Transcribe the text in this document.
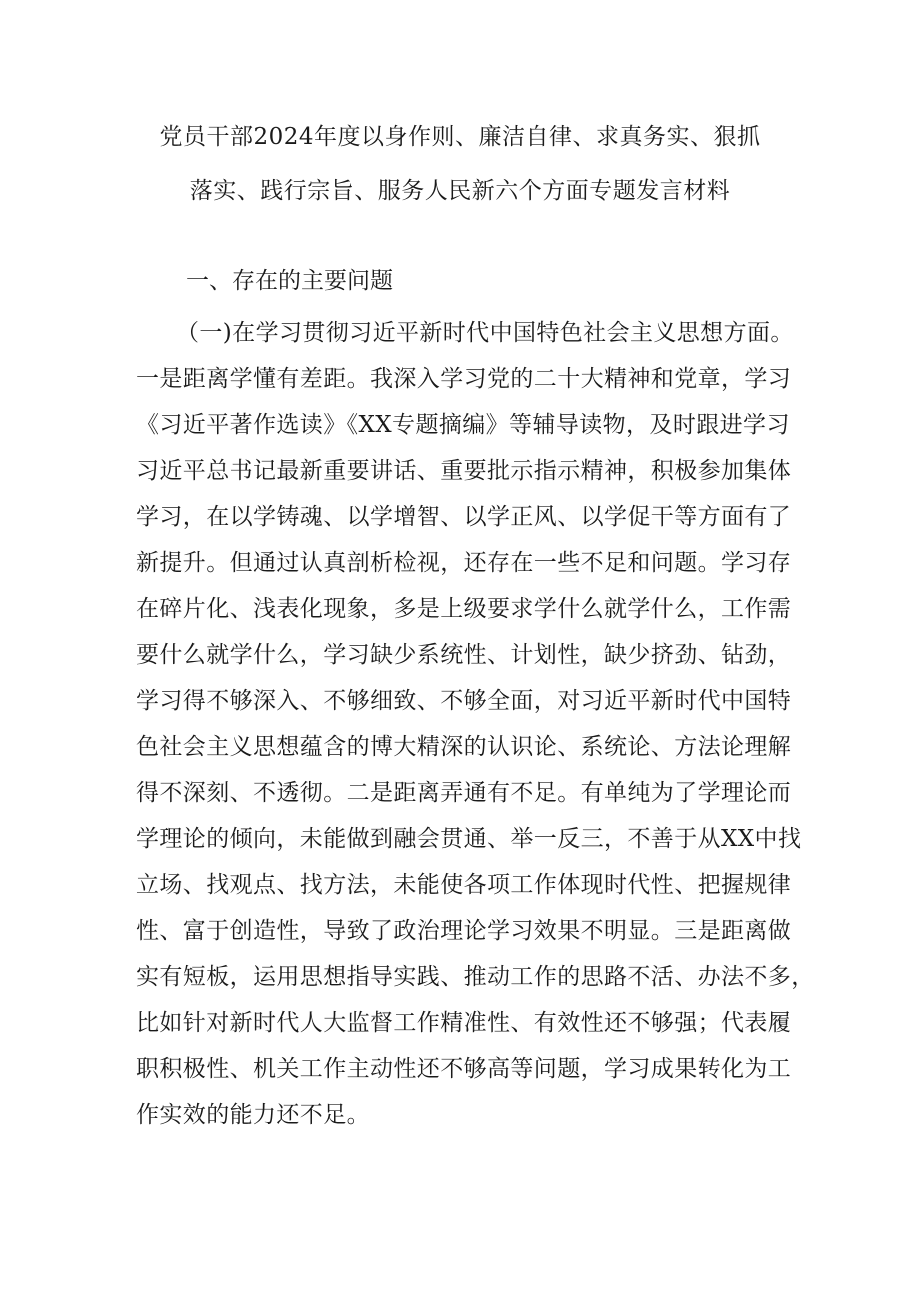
党员干部2024年度以身作则、廉洁自律、求真务实、狠抓
落实、践行宗旨、服务人民新六个方面专题发言材料
一、存在的主要问题
（一)在学习贯彻习近平新时代中国特色社会主义思想方面。
一是距离学懂有差距。我深入学习党的二十大精神和党章，学习
《习近平著作选读》《XX专题摘编》等辅导读物，及时跟进学习
习近平总书记最新重要讲话、重要批示指示精神，积极参加集体
学习，在以学铸魂、以学增智、以学正风、以学促干等方面有了
新提升。但通过认真剖析检视，还存在一些不足和问题。学习存
在碎片化、浅表化现象，多是上级要求学什么就学什么，工作需
要什么就学什么，学习缺少系统性、计划性，缺少挤劲、钻劲，
学习得不够深入、不够细致、不够全面，对习近平新时代中国特
色社会主义思想蕴含的博大精深的认识论、系统论、方法论理解
得不深刻、不透彻。二是距离弄通有不足。有单纯为了学理论而
学理论的倾向，未能做到融会贯通、举一反三，不善于从XX中找
立场、找观点、找方法，未能使各项工作体现时代性、把握规律
性、富于创造性，导致了政治理论学习效果不明显。三是距离做
实有短板，运用思想指导实践、推动工作的思路不活、办法不多，
比如针对新时代人大监督工作精准性、有效性还不够强；代表履
职积极性、机关工作主动性还不够高等问题，学习成果转化为工
作实效的能力还不足。
